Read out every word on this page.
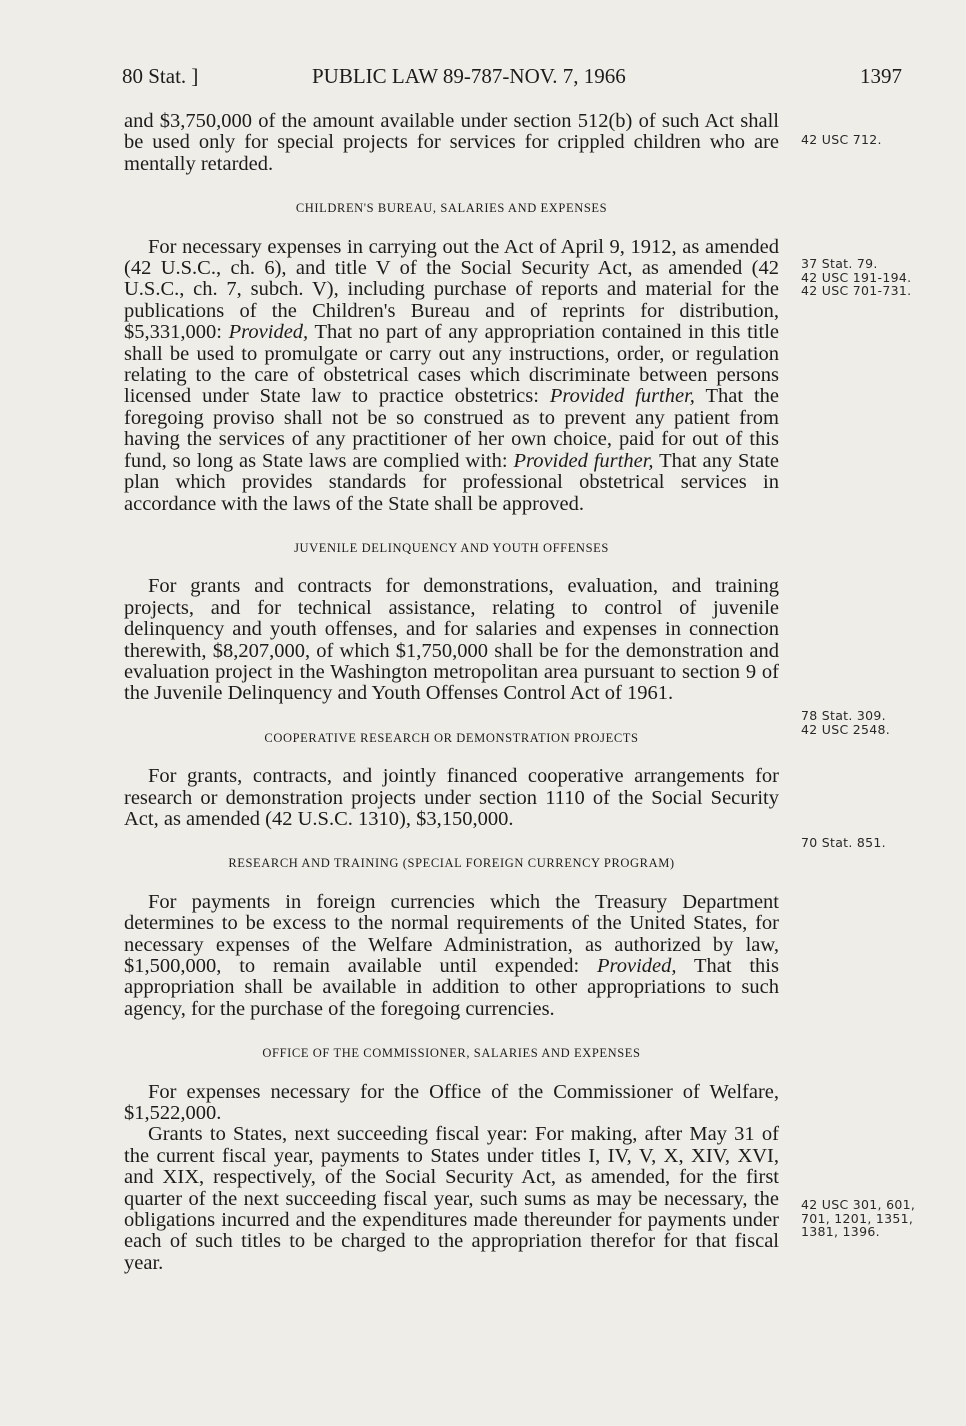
80 Stat. ]	PUBLIC LAW 89-787-NOV. 7, 1966	1397

and $3,750,000 of the amount available under section 512(b) of such Act shall be used only for special projects for services for crippled children who are mentally retarded.

CHILDREN'S BUREAU, SALARIES AND EXPENSES

For necessary expenses in carrying out the Act of April 9, 1912, as amended (42 U.S.C., ch. 6), and title V of the Social Security Act, as amended (42 U.S.C., ch. 7, subch. V), including purchase of reports and material for the publications of the Children's Bureau and of reprints for distribution, $5,331,000: Provided, That no part of any appropriation contained in this title shall be used to promulgate or carry out any instructions, order, or regulation relating to the care of obstetrical cases which discriminate between persons licensed under State law to practice obstetrics: Provided further, That the foregoing proviso shall not be so construed as to prevent any patient from having the services of any practitioner of her own choice, paid for out of this fund, so long as State laws are complied with: Provided further, That any State plan which provides standards for professional obstetrical services in accordance with the laws of the State shall be approved.

JUVENILE DELINQUENCY AND YOUTH OFFENSES

For grants and contracts for demonstrations, evaluation, and training projects, and for technical assistance, relating to control of juvenile delinquency and youth offenses, and for salaries and expenses in connection therewith, $8,207,000, of which $1,750,000 shall be for the demonstration and evaluation project in the Washington metropolitan area pursuant to section 9 of the Juvenile Delinquency and Youth Offenses Control Act of 1961.

COOPERATIVE RESEARCH OR DEMONSTRATION PROJECTS

For grants, contracts, and jointly financed cooperative arrangements for research or demonstration projects under section 1110 of the Social Security Act, as amended (42 U.S.C. 1310), $3,150,000.

RESEARCH AND TRAINING (SPECIAL FOREIGN CURRENCY PROGRAM)

For payments in foreign currencies which the Treasury Department determines to be excess to the normal requirements of the United States, for necessary expenses of the Welfare Administration, as authorized by law, $1,500,000, to remain available until expended: Provided, That this appropriation shall be available in addition to other appropriations to such agency, for the purchase of the foregoing currencies.

OFFICE OF THE COMMISSIONER, SALARIES AND EXPENSES

For expenses necessary for the Office of the Commissioner of Welfare, $1,522,000.

Grants to States, next succeeding fiscal year: For making, after May 31 of the current fiscal year, payments to States under titles I, IV, V, X, XIV, XVI, and XIX, respectively, of the Social Security Act, as amended, for the first quarter of the next succeeding fiscal year, such sums as may be necessary, the obligations incurred and the expenditures made thereunder for payments under each of such titles to be charged to the appropriation therefor for that fiscal year.

42 USC 712.
37 Stat. 79.
42 USC 191-194.
42 USC 701-731.
78 Stat. 309.
42 USC 2548.
70 Stat. 851.
42 USC 301, 601,
701, 1201, 1351,
1381, 1396.
